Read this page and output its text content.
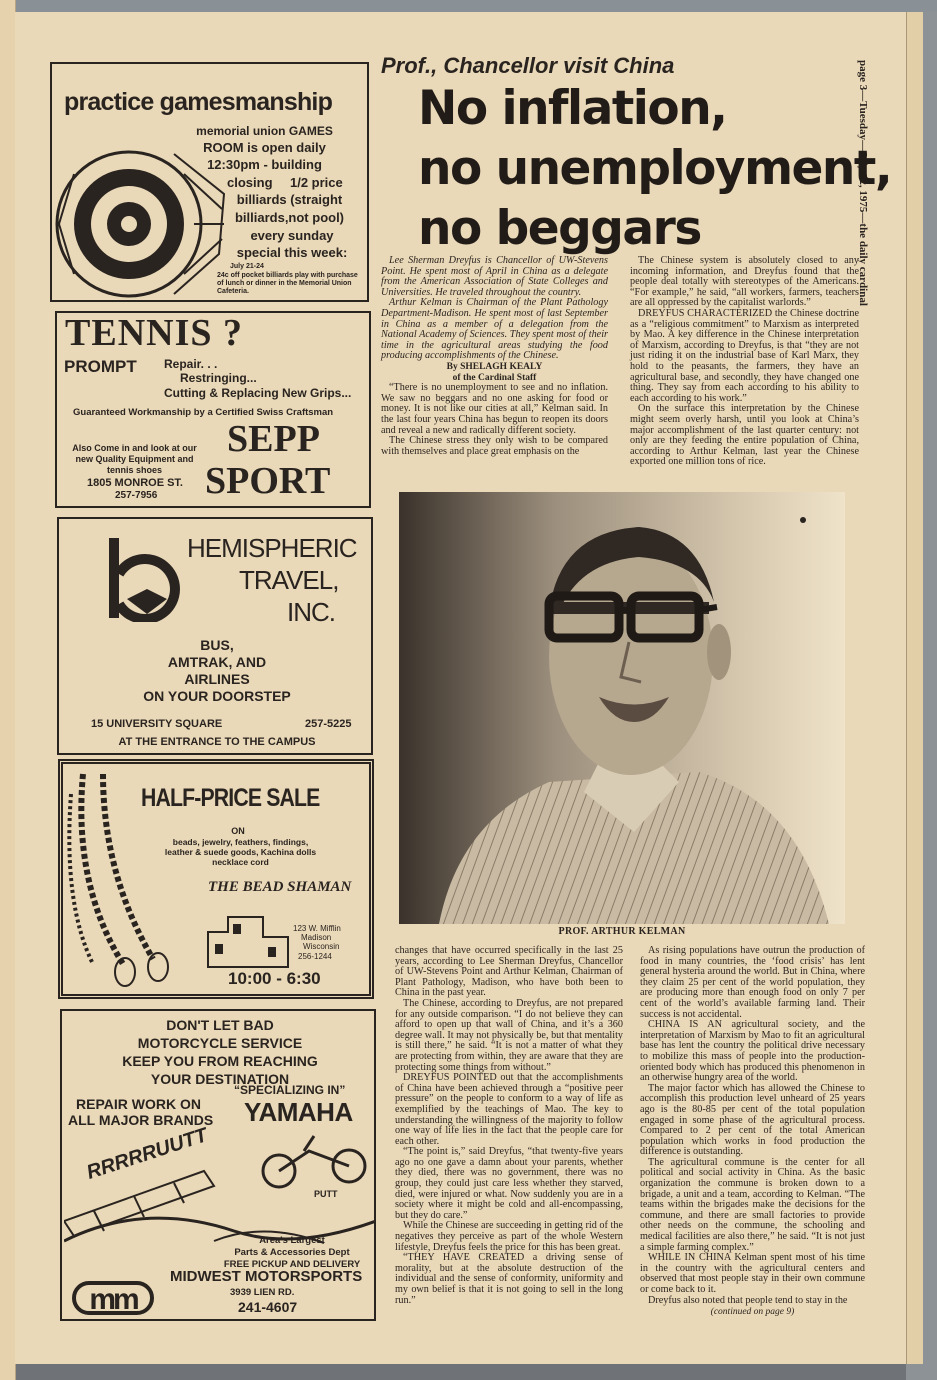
page 3—Tuesday—July 22, 1975—the daily cardinal
practice gamesmanship
memorial union GAMES
ROOM is open daily
12:30pm - building
closing 1/2 price
billiards (straight
billiards,not pool)
every sunday
special this week:
July 21-24
24c off pocket billiards play with purchase of lunch or dinner in the Memorial Union Cafeteria.
TENNIS ?
PROMPT Repair. . .
Restringing...
Cutting & Replacing New Grips...
Guaranteed Workmanship by a Certified Swiss Craftsman
Also Come in and look at our new Quality Equipment and tennis shoes
1805 MONROE ST.
257-7956
SEPP
SPORT
HEMISPHERIC
TRAVEL,
INC.
BUS,
AMTRAK, AND
AIRLINES
ON YOUR DOORSTEP
15 UNIVERSITY SQUARE	257-5225
AT THE ENTRANCE TO THE CAMPUS
HALF-PRICE SALE
ON
beads, jewelry, feathers, findings, leather & suede goods, Kachina dolls necklace cord
THE BEAD SHAMAN
123 W. Mifflin
Madison
Wisconsin
256-1244
10:00 - 6:30
DON'T LET BAD
MOTORCYCLE SERVICE
KEEP YOU FROM REACHING
YOUR DESTINATION
“SPECIALIZING IN”
REPAIR WORK ON
ALL MAJOR BRANDS YAMAHA
RRRRRUUTT
PUTT
Area's Largest
Parts & Accessories Dept
FREE PICKUP AND DELIVERY
mm
MIDWEST MOTORSPORTS
3939 LIEN RD.
241-4607
Prof., Chancellor visit China
No inflation,
no unemployment,
no beggars

Lee Sherman Dreyfus is Chancellor of UW-Stevens Point. He spent most of April in China as a delegate from the American Association of State Colleges and Universities. He traveled throughout the country.

Arthur Kelman is Chairman of the Plant Pathology Department-Madison. He spent most of last September in China as a member of a delegation from the National Academy of Sciences. They spent most of their time in the agricultural areas studying the food producing accomplishments of the Chinese.

By SHELAGH KEALY
of the Cardinal Staff

“There is no unemployment to see and no inflation. We saw no beggars and no one asking for food or money. It is not like our cities at all,” Kelman said. In the last four years China has begun to reopen its doors and reveal a new and radically different society.

The Chinese stress they only wish to be compared with themselves and place great emphasis on the

The Chinese system is absolutely closed to any incoming information, and Dreyfus found that the people deal totally with stereotypes of the Americans. “For example,” he said, “all workers, farmers, teachers are all oppressed by the capitalist warlords.”

DREYFUS CHARACTERIZED the Chinese doctrine as a “religious commitment” to Marxism as interpreted by Mao. A key difference in the Chinese interpretation of Marxism, according to Dreyfus, is that “they are not just riding it on the industrial base of Karl Marx, they hold to the peasants, the farmers, they have an agricultural base, and secondly, they have changed one thing. They say from each according to his ability to each according to his work.”

On the surface this interpretation by the Chinese might seem overly harsh, until you look at China’s major accomplishment of the last quarter century: not only are they feeding the entire population of China, according to Arthur Kelman, last year the Chinese exported one million tons of rice.

PROF. ARTHUR KELMAN

changes that have occurred specifically in the last 25 years, according to Lee Sherman Dreyfus, Chancellor of UW-Stevens Point and Arthur Kelman, Chairman of Plant Pathology, Madison, who have both been to China in the past year.

The Chinese, according to Dreyfus, are not prepared for any outside comparison. “I do not believe they can afford to open up that wall of China, and it’s a 360 degree wall. It may not physically be, but that mentality is still there,” he said. “It is not a matter of what they are protecting from within, they are aware that they are protecting some things from without.”

DREYFUS POINTED out that the accomplishments of China have been achieved through a “positive peer pressure” on the people to conform to a way of life as exemplified by the teachings of Mao. The key to understanding the willingness of the majority to follow one way of life lies in the fact that the people care for each other.

“The point is,” said Dreyfus, “that twenty-five years ago no one gave a damn about your parents, whether they died, there was no government, there was no group, they could just care less whether they starved, died, were injured or what. Now suddenly you are in a society where it might be cold and all-encompassing, but they do care.”

While the Chinese are succeeding in getting rid of the negatives they perceive as part of the whole Western lifestyle, Dreyfus feels the price for this has been great.

“THEY HAVE CREATED a driving sense of morality, but at the absolute destruction of the individual and the sense of conformity, uniformity and my own belief is that it is not going to sell in the long run.”

As rising populations have outrun the production of food in many countries, the ‘food crisis’ has lent general hysteria around the world. But in China, where they claim 25 per cent of the world population, they are producing more than enough food on only 7 per cent of the world’s available farming land. Their success is not accidental.

CHINA IS AN agricultural society, and the interpretation of Marxism by Mao to fit an agricultural base has lent the country the political drive necessary to mobilize this mass of people into the production-oriented body which has produced this phenomenon in an otherwise hungry area of the world.

The major factor which has allowed the Chinese to accomplish this production level unheard of 25 years ago is the 80-85 per cent of the total population engaged in some phase of the agricultural process. Compared to 2 per cent of the total American population which works in food production the difference is outstanding.

The agricultural commune is the center for all political and social activity in China. As the basic organization the commune is broken down to a brigade, a unit and a team, according to Kelman. “The teams within the brigades make the decisions for the commune, and there are small factories to provide other needs on the commune, the schooling and medical facilities are also there,” he said. “It is not just a simple farming complex.”

WHILE IN CHINA Kelman spent most of his time in the country with the agricultural centers and observed that most people stay in their own commune or come back to it.

Dreyfus also noted that people tend to stay in the

(continued on page 9)
